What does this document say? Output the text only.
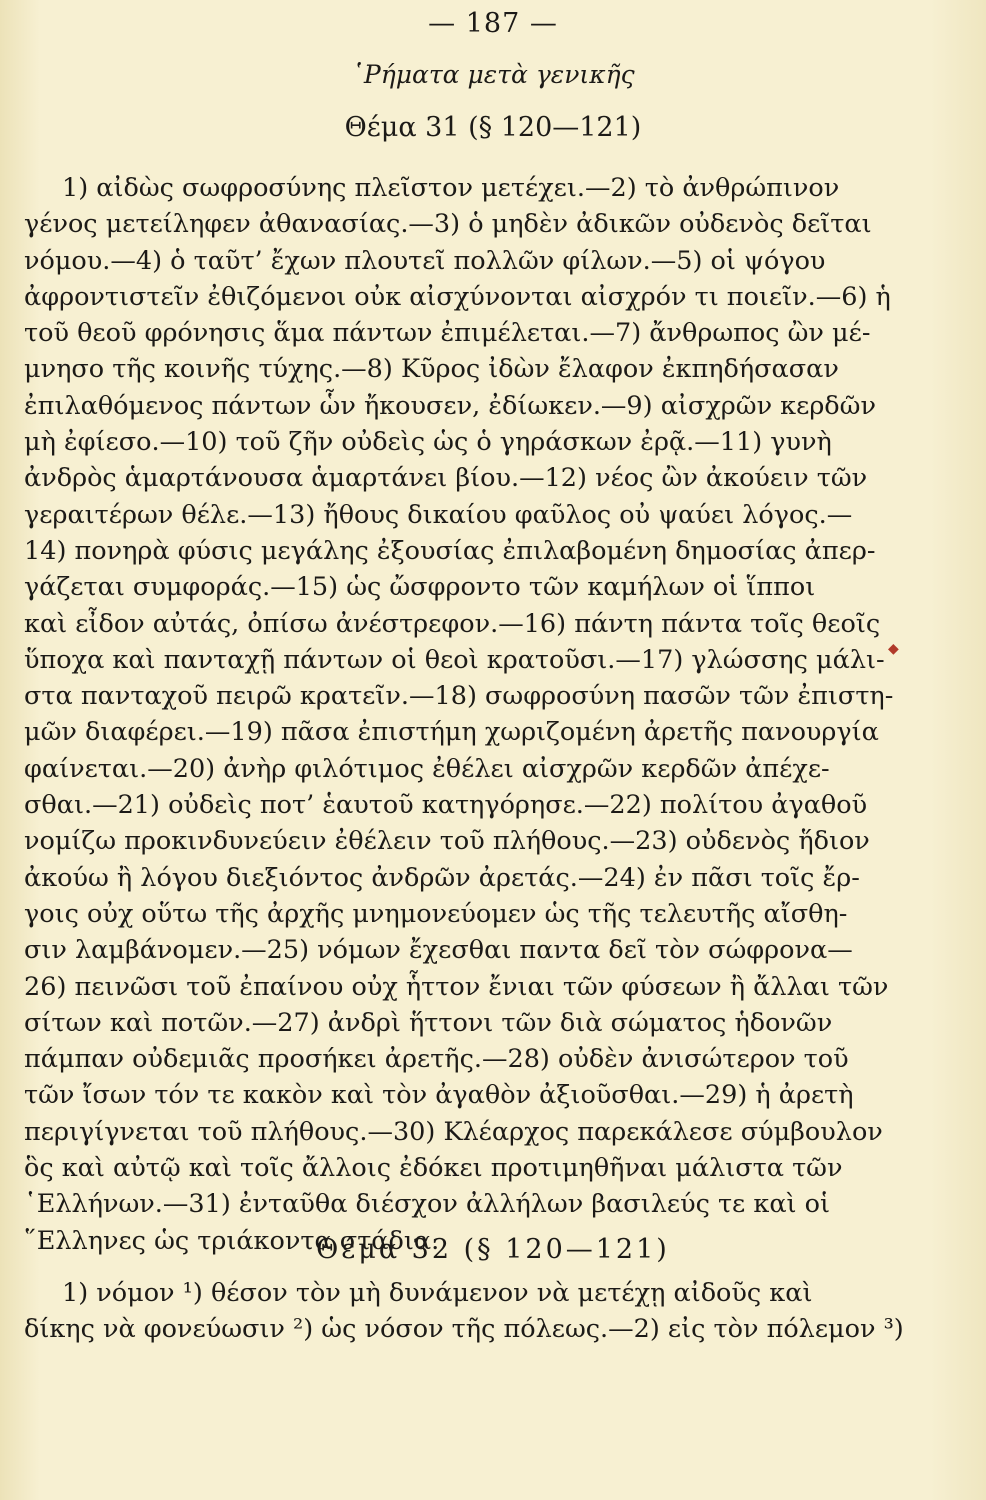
— 187 —
῾Ρήματα μετὰ γενικῆς
Θέμα 31 (§ 120—121)
1) αἰδὼς σωφροσύνης πλεῖστον μετέχει.—2) τὸ ἀνθρώπινον
γένος μετείληφεν ἀθανασίας.—3) ὁ μηδὲν ἀδικῶν οὐδενὸς δεῖται
νόμου.—4) ὁ ταῦτ’ ἔχων πλουτεῖ πολλῶν φίλων.—5) οἱ ψόγου
ἀφροντιστεῖν ἐθιζόμενοι οὐκ αἰσχύνονται αἰσχρόν τι ποιεῖν.—6) ἡ
τοῦ θεοῦ φρόνησις ἅμα πάντων ἐπιμέλεται.—7) ἄνθρωπος ὢν μέ-
μνησο τῆς κοινῆς τύχης.—8) Κῦρος ἰδὼν ἔλαφον ἐκπηδήσασαν
ἐπιλαθόμενος πάντων ὧν ἤκουσεν, ἐδίωκεν.—9) αἰσχρῶν κερδῶν
μὴ ἐφίεσο.—10) τοῦ ζῆν οὐδεὶς ὡς ὁ γηράσκων ἐρᾷ.—11) γυνὴ
ἀνδρὸς ἁμαρτάνουσα ἁμαρτάνει βίου.—12) νέος ὢν ἀκούειν τῶν
γεραιτέρων θέλε.—13) ἤθους δικαίου φαῦλος οὐ ψαύει λόγος.—
14) πονηρὰ φύσις μεγάλης ἐξουσίας ἐπιλαβομένη δημοσίας ἀπερ-
γάζεται συμφοράς.—15) ὡς ὤσφροντο τῶν καμήλων οἱ ἵπποι
καὶ εἶδον αὐτάς, ὀπίσω ἀνέστρεφον.—16) πάντη πάντα τοῖς θεοῖς
ὕποχα καὶ πανταχῇ πάντων οἱ θεοὶ κρατοῦσι.—17) γλώσσης μάλι-
στα πανταχοῦ πειρῶ κρατεῖν.—18) σωφροσύνη πασῶν τῶν ἐπιστη-
μῶν διαφέρει.—19) πᾶσα ἐπιστήμη χωριζομένη ἀρετῆς πανουργία
φαίνεται.—20) ἀνὴρ φιλότιμος ἐθέλει αἰσχρῶν κερδῶν ἀπέχε-
σθαι.—21) οὐδεὶς ποτ’ ἑαυτοῦ κατηγόρησε.—22) πολίτου ἀγαθοῦ
νομίζω προκινδυνεύειν ἐθέλειν τοῦ πλήθους.—23) οὐδενὸς ἥδιον
ἀκούω ἢ λόγου διεξιόντος ἀνδρῶν ἀρετάς.—24) ἐν πᾶσι τοῖς ἔρ-
γοις οὐχ οὕτω τῆς ἀρχῆς μνημονεύομεν ὡς τῆς τελευτῆς αἴσθη-
σιν λαμβάνομεν.—25) νόμων ἔχεσθαι παντα δεῖ τὸν σώφρονα—
26) πεινῶσι τοῦ ἐπαίνου οὐχ ἧττον ἔνιαι τῶν φύσεων ἢ ἄλλαι τῶν
σίτων καὶ ποτῶν.—27) ἀνδρὶ ἥττονι τῶν διὰ σώματος ἡδονῶν
πάμπαν οὐδεμιᾶς προσήκει ἀρετῆς.—28) οὐδὲν ἀνισώτερον τοῦ
τῶν ἴσων τόν τε κακὸν καὶ τὸν ἀγαθὸν ἀξιοῦσθαι.—29) ἡ ἀρετὴ
περιγίγνεται τοῦ πλήθους.—30) Κλέαρχος παρεκάλεσε σύμβουλον
ὃς καὶ αὐτῷ καὶ τοῖς ἄλλοις ἐδόκει προτιμηθῆναι μάλιστα τῶν
῾Ελλήνων.—31) ἐνταῦθα διέσχον ἀλλήλων βασιλεύς τε καὶ οἱ
῞Ελληνες ὡς τριάκοντα στάδια.
Θέμα 32 (§ 120—121)
1) νόμον ¹) θέσον τὸν μὴ δυνάμενον νὰ μετέχῃ αἰδοῦς καὶ
δίκης νὰ φονεύωσιν ²) ὡς νόσον τῆς πόλεως.—2) εἰς τὸν πόλεμον ³)
◆
